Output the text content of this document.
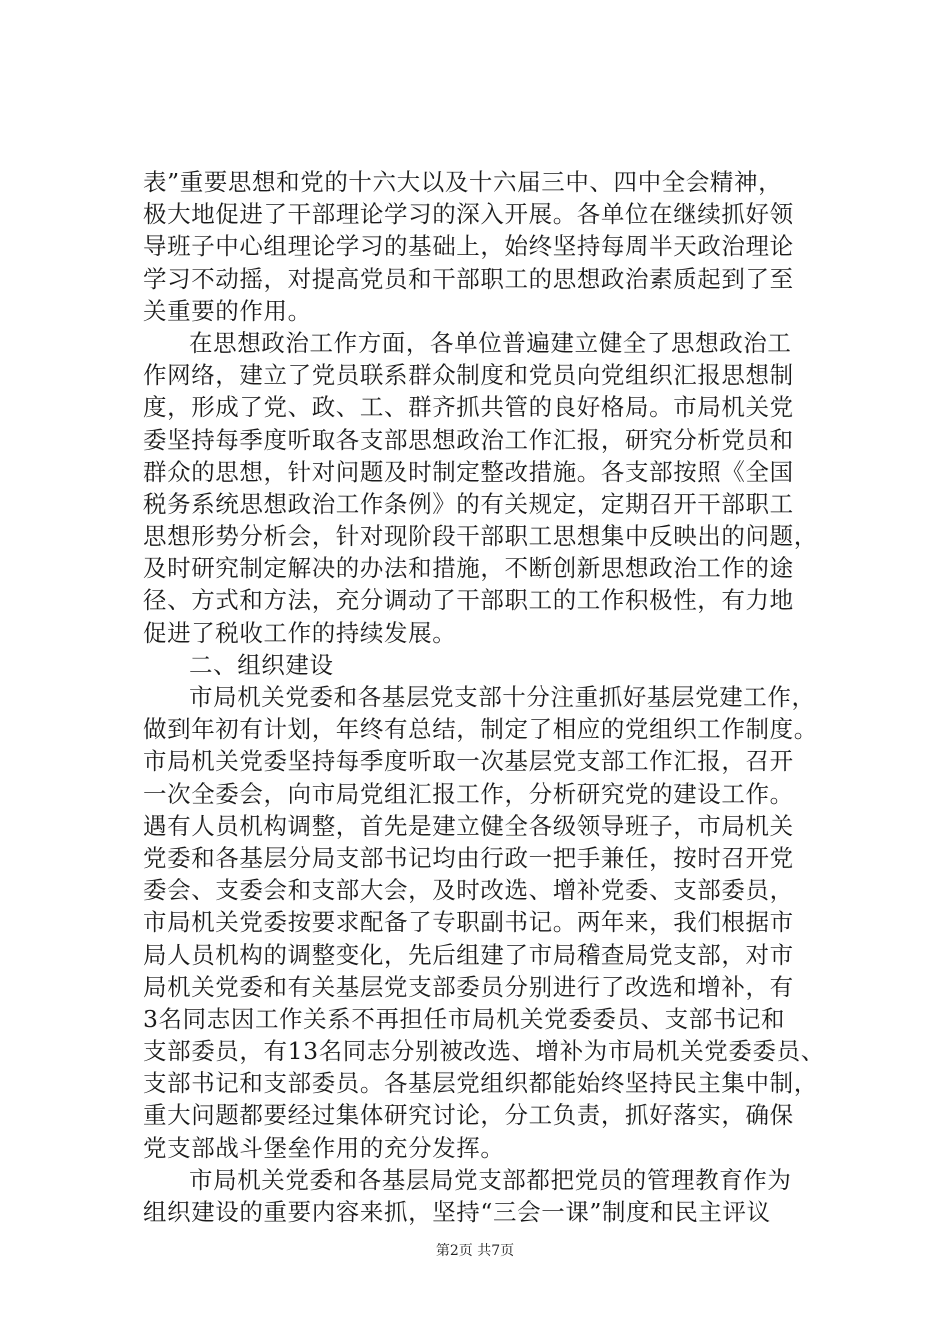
表”重要思想和党的十六大以及十六届三中、四中全会精神，
极大地促进了干部理论学习的深入开展。各单位在继续抓好领
导班子中心组理论学习的基础上，始终坚持每周半天政治理论
学习不动摇，对提高党员和干部职工的思想政治素质起到了至
关重要的作用。
在思想政治工作方面，各单位普遍建立健全了思想政治工
作网络，建立了党员联系群众制度和党员向党组织汇报思想制
度，形成了党、政、工、群齐抓共管的良好格局。市局机关党
委坚持每季度听取各支部思想政治工作汇报，研究分析党员和
群众的思想，针对问题及时制定整改措施。各支部按照《全国
税务系统思想政治工作条例》的有关规定，定期召开干部职工
思想形势分析会，针对现阶段干部职工思想集中反映出的问题，
及时研究制定解决的办法和措施，不断创新思想政治工作的途
径、方式和方法，充分调动了干部职工的工作积极性，有力地
促进了税收工作的持续发展。
二、组织建设
市局机关党委和各基层党支部十分注重抓好基层党建工作，
做到年初有计划，年终有总结，制定了相应的党组织工作制度。
市局机关党委坚持每季度听取一次基层党支部工作汇报，召开
一次全委会，向市局党组汇报工作，分析研究党的建设工作。
遇有人员机构调整，首先是建立健全各级领导班子，市局机关
党委和各基层分局支部书记均由行政一把手兼任，按时召开党
委会、支委会和支部大会，及时改选、增补党委、支部委员，
市局机关党委按要求配备了专职副书记。两年来，我们根据市
局人员机构的调整变化，先后组建了市局稽查局党支部，对市
局机关党委和有关基层党支部委员分别进行了改选和增补，有
3名同志因工作关系不再担任市局机关党委委员、支部书记和
支部委员，有13名同志分别被改选、增补为市局机关党委委员、
支部书记和支部委员。各基层党组织都能始终坚持民主集中制，
重大问题都要经过集体研究讨论，分工负责，抓好落实，确保
党支部战斗堡垒作用的充分发挥。
市局机关党委和各基层局党支部都把党员的管理教育作为
组织建设的重要内容来抓，坚持“三会一课”制度和民主评议
第2页 共7页
